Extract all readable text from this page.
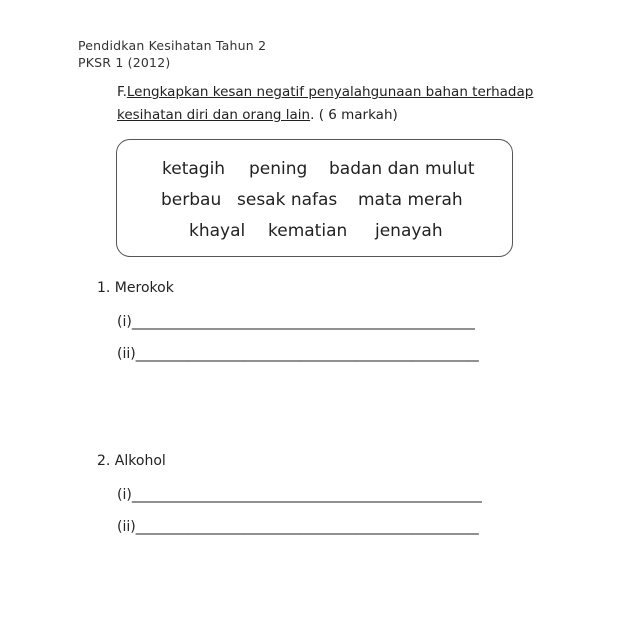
Pendidkan Kesihatan Tahun 2
PKSR 1 (2012)
F.Lengkapkan kesan negatif penyalahgunaan bahan terhadap
kesihatan diri dan orang lain. ( 6 markah)
ketagih pening badan dan mulut
berbau sesak nafas mata merah
khayal kematian jenayah
1. Merokok
(i)_________________________________________________
(ii)_________________________________________________
2. Alkohol
(i)__________________________________________________
(ii)_________________________________________________
